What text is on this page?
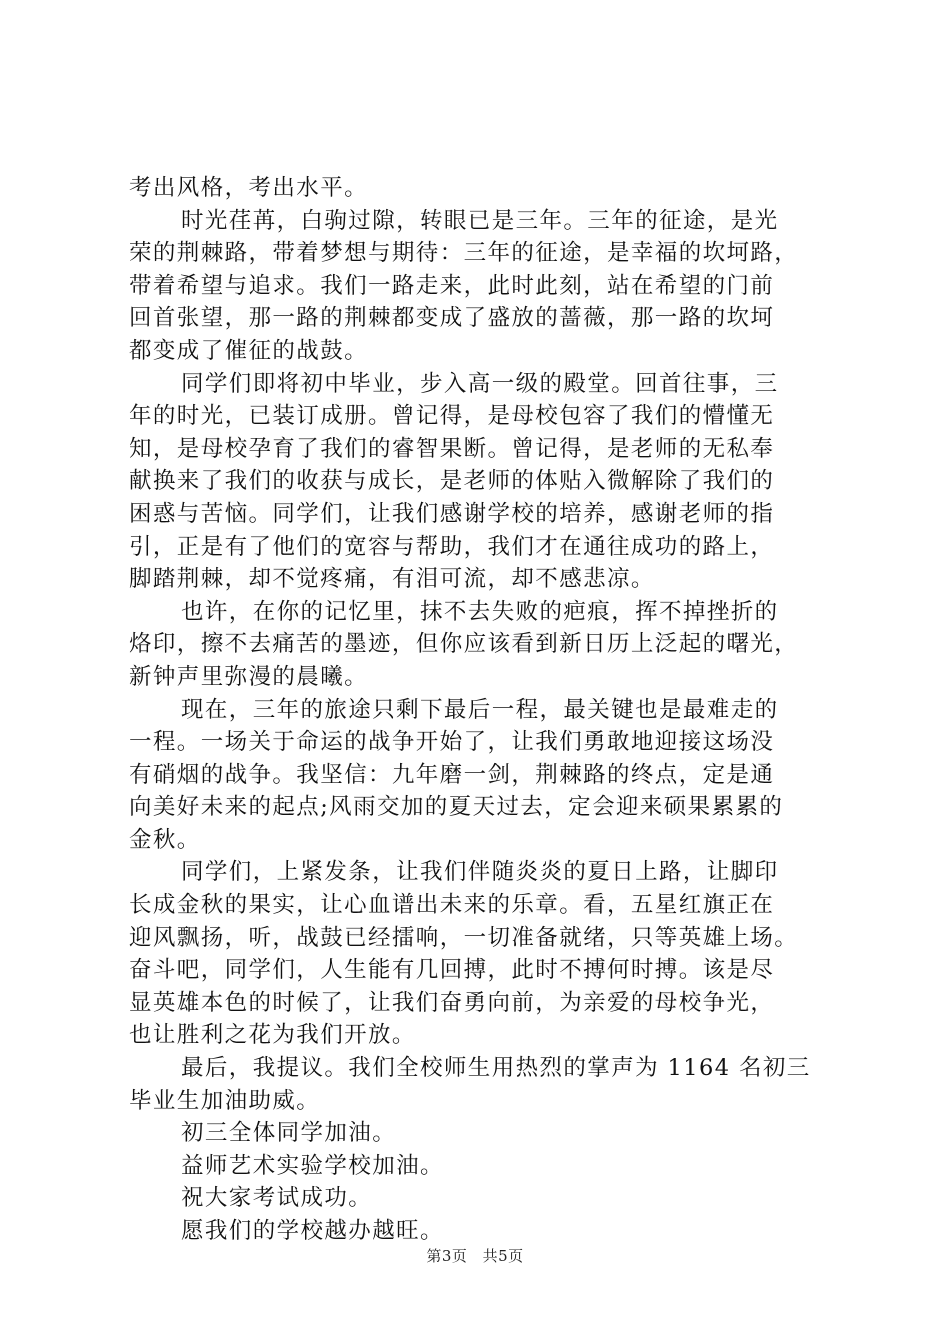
考出风格，考出水平。
时光荏苒，白驹过隙，转眼已是三年。三年的征途，是光
荣的荆棘路，带着梦想与期待：三年的征途，是幸福的坎坷路，
带着希望与追求。我们一路走来，此时此刻，站在希望的门前
回首张望，那一路的荆棘都变成了盛放的蔷薇，那一路的坎坷
都变成了催征的战鼓。
同学们即将初中毕业，步入高一级的殿堂。回首往事，三
年的时光，已装订成册。曾记得，是母校包容了我们的懵懂无
知，是母校孕育了我们的睿智果断。曾记得，是老师的无私奉
献换来了我们的收获与成长，是老师的体贴入微解除了我们的
困惑与苦恼。同学们，让我们感谢学校的培养，感谢老师的指
引，正是有了他们的宽容与帮助，我们才在通往成功的路上，
脚踏荆棘，却不觉疼痛，有泪可流，却不感悲凉。
也许，在你的记忆里，抹不去失败的疤痕，挥不掉挫折的
烙印，擦不去痛苦的墨迹，但你应该看到新日历上泛起的曙光，
新钟声里弥漫的晨曦。
现在，三年的旅途只剩下最后一程，最关键也是最难走的
一程。一场关于命运的战争开始了，让我们勇敢地迎接这场没
有硝烟的战争。我坚信：九年磨一剑，荆棘路的终点，定是通
向美好未来的起点;风雨交加的夏天过去，定会迎来硕果累累的
金秋。
同学们，上紧发条，让我们伴随炎炎的夏日上路，让脚印
长成金秋的果实，让心血谱出未来的乐章。看，五星红旗正在
迎风飘扬，听，战鼓已经擂响，一切准备就绪，只等英雄上场。
奋斗吧，同学们，人生能有几回搏，此时不搏何时搏。该是尽
显英雄本色的时候了，让我们奋勇向前，为亲爱的母校争光，
也让胜利之花为我们开放。
最后，我提议。我们全校师生用热烈的掌声为 1164 名初三
毕业生加油助威。
初三全体同学加油。
益师艺术实验学校加油。
祝大家考试成功。
愿我们的学校越办越旺。
第3页 共5页
